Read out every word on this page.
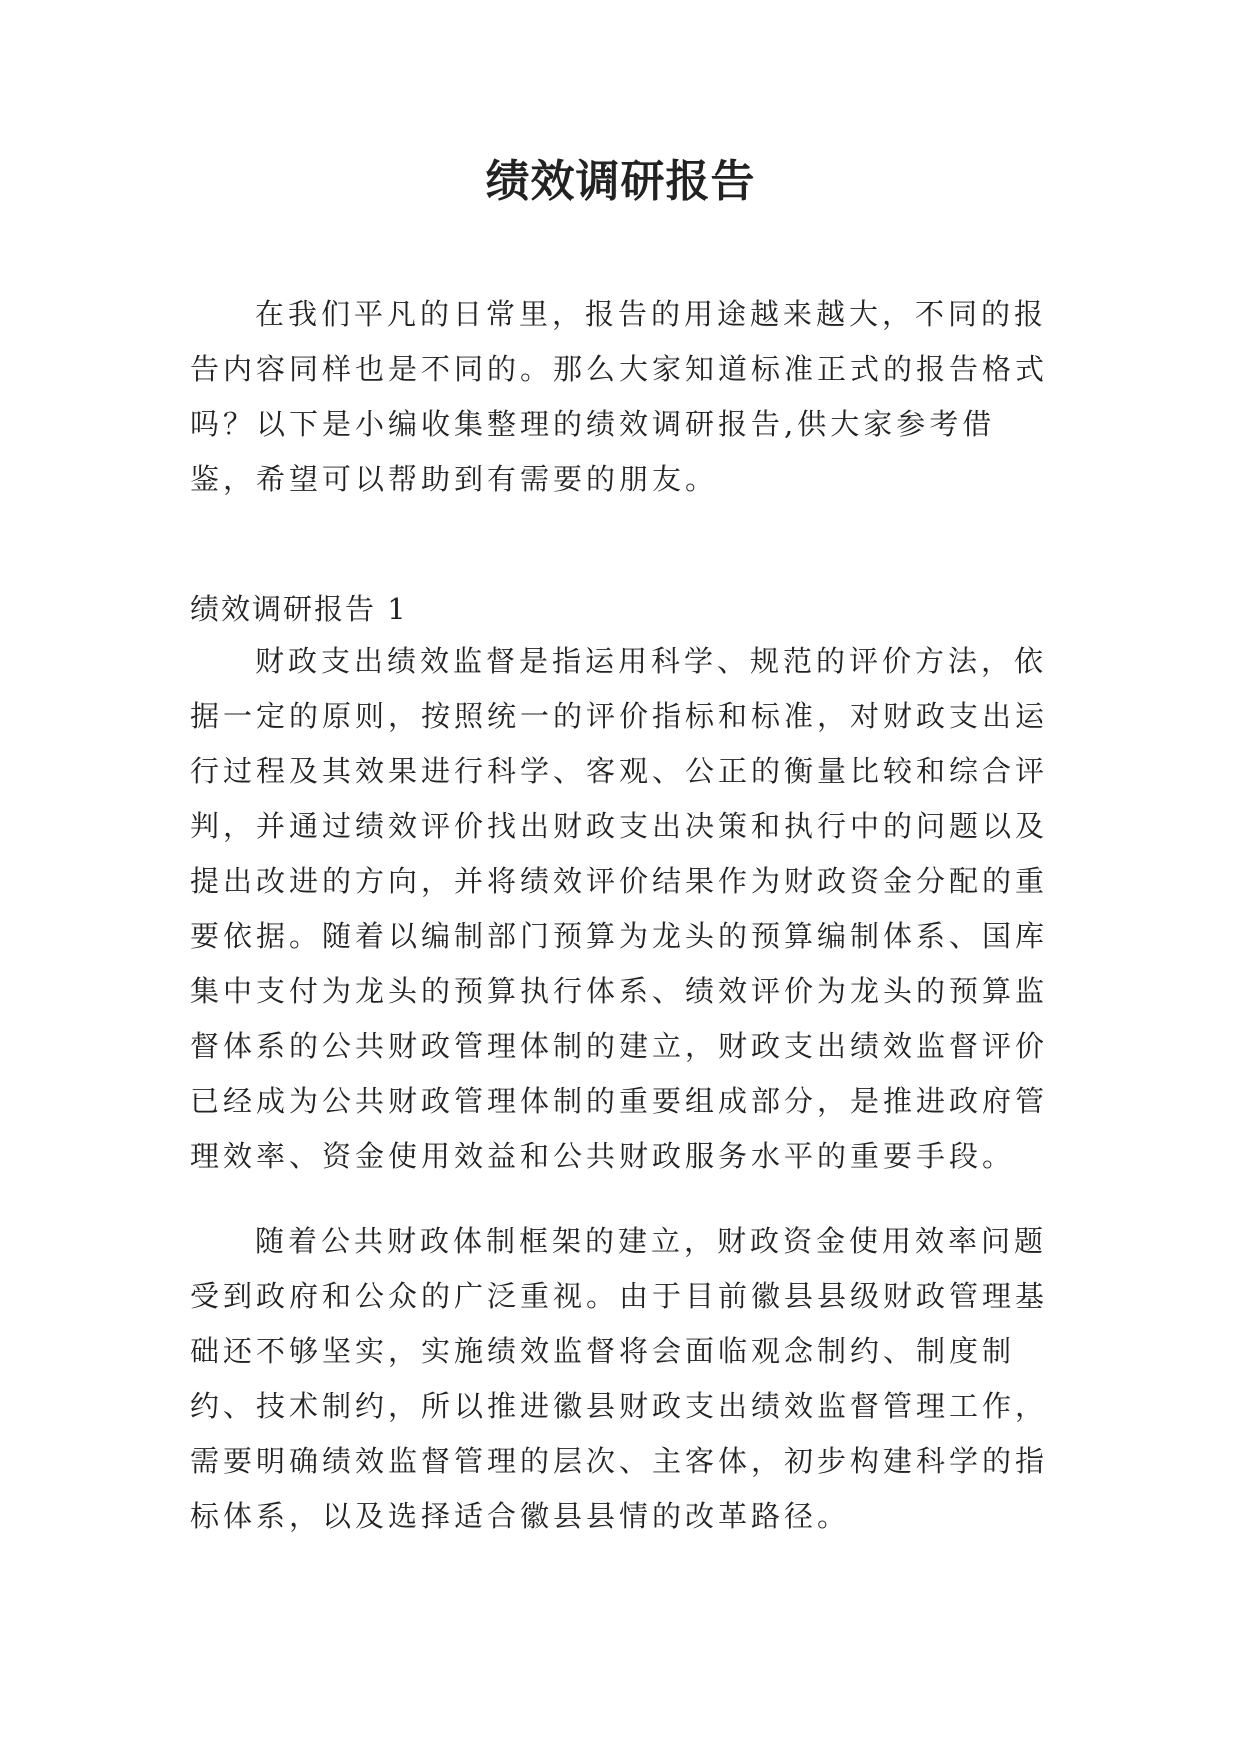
绩效调研报告

在我们平凡的日常里，报告的用途越来越大，不同的报告内容同样也是不同的。那么大家知道标准正式的报告格式吗？以下是小编收集整理的绩效调研报告,供大家参考借鉴，希望可以帮助到有需要的朋友。

绩效调研报告 1

财政支出绩效监督是指运用科学、规范的评价方法，依据一定的原则，按照统一的评价指标和标准，对财政支出运行过程及其效果进行科学、客观、公正的衡量比较和综合评判，并通过绩效评价找出财政支出决策和执行中的问题以及提出改进的方向，并将绩效评价结果作为财政资金分配的重要依据。随着以编制部门预算为龙头的预算编制体系、国库集中支付为龙头的预算执行体系、绩效评价为龙头的预算监督体系的公共财政管理体制的建立，财政支出绩效监督评价已经成为公共财政管理体制的重要组成部分，是推进政府管理效率、资金使用效益和公共财政服务水平的重要手段。

随着公共财政体制框架的建立，财政资金使用效率问题受到政府和公众的广泛重视。由于目前徽县县级财政管理基础还不够坚实，实施绩效监督将会面临观念制约、制度制约、技术制约，所以推进徽县财政支出绩效监督管理工作，需要明确绩效监督管理的层次、主客体，初步构建科学的指标体系，以及选择适合徽县县情的改革路径。
